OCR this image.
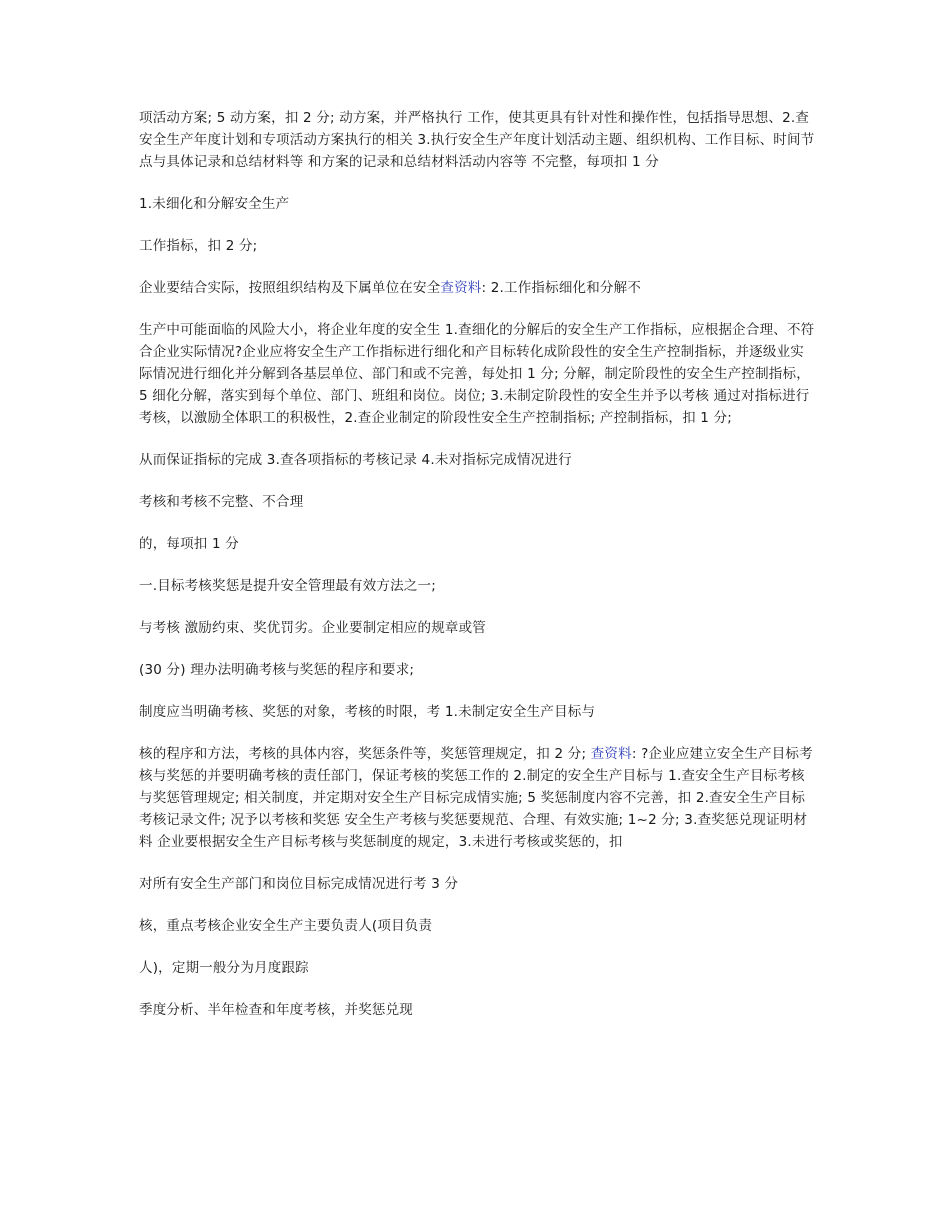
项活动方案; 5 动方案，扣 2 分; 动方案，并严格执行 工作，使其更具有针对性和操作性，包括指导思想、2.查安全生产年度计划和专项活动方案执行的相关 3.执行安全生产年度计划活动主题、组织机构、工作目标、时间节点与具体记录和总结材料等 和方案的记录和总结材料活动内容等 不完整，每项扣 1 分

1.未细化和分解安全生产

工作指标，扣 2 分;

企业要结合实际，按照组织结构及下属单位在安全查资料: 2.工作指标细化和分解不

生产中可能面临的风险大小，将企业年度的安全生 1.查细化的分解后的安全生产工作指标，应根据企合理、不符合企业实际情况?企业应将安全生产工作指标进行细化和产目标转化成阶段性的安全生产控制指标，并逐级业实际情况进行细化并分解到各基层单位、部门和或不完善，每处扣 1 分; 分解，制定阶段性的安全生产控制指标，5 细化分解，落实到每个单位、部门、班组和岗位。岗位; 3.未制定阶段性的安全生并予以考核 通过对指标进行考核，以激励全体职工的积极性，2.查企业制定的阶段性安全生产控制指标; 产控制指标，扣 1 分;

从而保证指标的完成 3.查各项指标的考核记录 4.未对指标完成情况进行

考核和考核不完整、不合理

的，每项扣 1 分

一.目标考核奖惩是提升安全管理最有效方法之一;

与考核 激励约束、奖优罚劣。企业要制定相应的规章或管

(30 分) 理办法明确考核与奖惩的程序和要求;

制度应当明确考核、奖惩的对象，考核的时限，考 1.未制定安全生产目标与

核的程序和方法，考核的具体内容，奖惩条件等，奖惩管理规定，扣 2 分; 查资料: ?企业应建立安全生产目标考核与奖惩的并要明确考核的责任部门，保证考核的奖惩工作的 2.制定的安全生产目标与 1.查安全生产目标考核与奖惩管理规定; 相关制度，并定期对安全生产目标完成情实施; 5 奖惩制度内容不完善，扣 2.查安全生产目标考核记录文件; 况予以考核和奖惩 安全生产考核与奖惩要规范、合理、有效实施; 1~2 分; 3.查奖惩兑现证明材料 企业要根据安全生产目标考核与奖惩制度的规定，3.未进行考核或奖惩的，扣

对所有安全生产部门和岗位目标完成情况进行考 3 分

核，重点考核企业安全生产主要负责人(项目负责

人)，定期一般分为月度跟踪

季度分析、半年检查和年度考核，并奖惩兑现
